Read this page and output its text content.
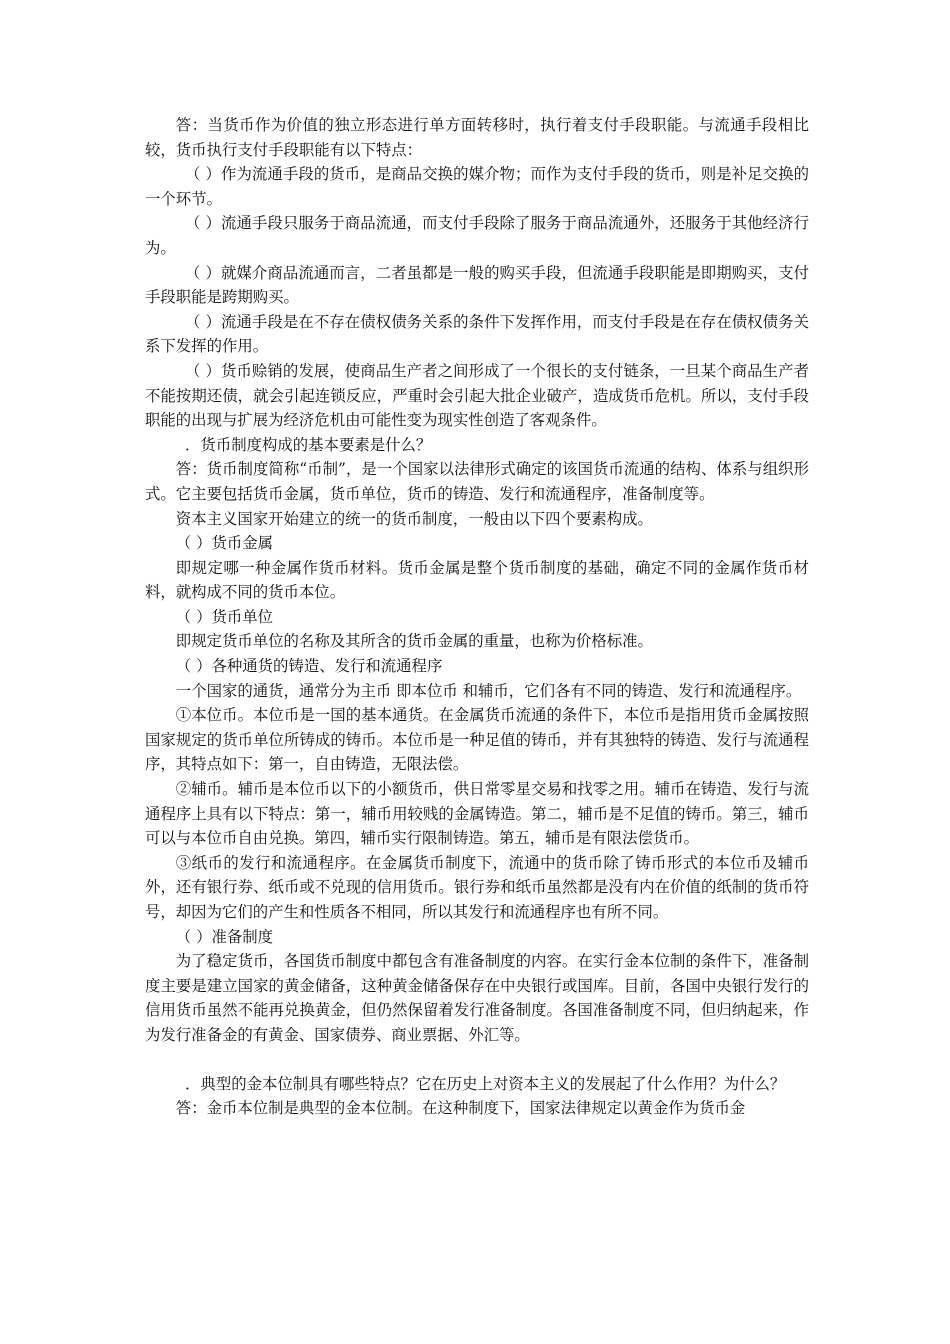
答：当货币作为价值的独立形态进行单方面转移时，执行着支付手段职能。与流通手段相比较，货币执行支付手段职能有以下特点：

（ ）作为流通手段的货币，是商品交换的媒介物；而作为支付手段的货币，则是补足交换的一个环节。

（ ）流通手段只服务于商品流通，而支付手段除了服务于商品流通外，还服务于其他经济行为。

（ ）就媒介商品流通而言，二者虽都是一般的购买手段，但流通手段职能是即期购买，支付手段职能是跨期购买。

（ ）流通手段是在不存在债权债务关系的条件下发挥作用，而支付手段是在存在债权债务关系下发挥的作用。

（ ）货币赊销的发展，使商品生产者之间形成了一个很长的支付链条，一旦某个商品生产者不能按期还债，就会引起连锁反应，严重时会引起大批企业破产，造成货币危机。所以，支付手段职能的出现与扩展为经济危机由可能性变为现实性创造了客观条件。

．货币制度构成的基本要素是什么？

答：货币制度简称“币制”，是一个国家以法律形式确定的该国货币流通的结构、体系与组织形式。它主要包括货币金属，货币单位，货币的铸造、发行和流通程序，准备制度等。

资本主义国家开始建立的统一的货币制度，一般由以下四个要素构成。

（ ）货币金属

即规定哪一种金属作货币材料。货币金属是整个货币制度的基础，确定不同的金属作货币材料，就构成不同的货币本位。

（ ）货币单位

即规定货币单位的名称及其所含的货币金属的重量，也称为价格标准。

（ ）各种通货的铸造、发行和流通程序

一个国家的通货，通常分为主币 即本位币 和辅币，它们各有不同的铸造、发行和流通程序。

①本位币。本位币是一国的基本通货。在金属货币流通的条件下，本位币是指用货币金属按照国家规定的货币单位所铸成的铸币。本位币是一种足值的铸币，并有其独特的铸造、发行与流通程序，其特点如下：第一，自由铸造，无限法偿。

②辅币。辅币是本位币以下的小额货币，供日常零星交易和找零之用。辅币在铸造、发行与流通程序上具有以下特点：第一，辅币用较贱的金属铸造。第二，辅币是不足值的铸币。第三，辅币可以与本位币自由兑换。第四，辅币实行限制铸造。第五，辅币是有限法偿货币。

③纸币的发行和流通程序。在金属货币制度下，流通中的货币除了铸币形式的本位币及辅币外，还有银行券、纸币或不兑现的信用货币。银行券和纸币虽然都是没有内在价值的纸制的货币符号，却因为它们的产生和性质各不相同，所以其发行和流通程序也有所不同。

（ ）准备制度

为了稳定货币，各国货币制度中都包含有准备制度的内容。在实行金本位制的条件下，准备制度主要是建立国家的黄金储备，这种黄金储备保存在中央银行或国库。目前，各国中央银行发行的信用货币虽然不能再兑换黄金，但仍然保留着发行准备制度。各国准备制度不同，但归纳起来，作为发行准备金的有黄金、国家债券、商业票据、外汇等。

．典型的金本位制具有哪些特点？它在历史上对资本主义的发展起了什么作用？为什么？

答：金币本位制是典型的金本位制。在这种制度下，国家法律规定以黄金作为货币金
